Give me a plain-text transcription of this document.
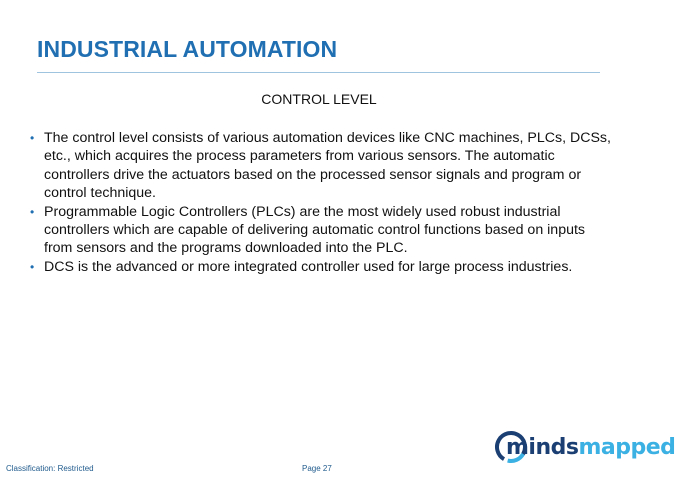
INDUSTRIAL AUTOMATION
CONTROL LEVEL
• The control level consists of various automation devices like CNC machines, PLCs, DCSs, etc., which acquires the process parameters from various sensors. The automatic controllers drive the actuators based on the processed sensor signals and program or control technique.
• Programmable Logic Controllers (PLCs) are the most widely used robust industrial controllers which are capable of delivering automatic control functions based on inputs from sensors and the programs downloaded into the PLC.
• DCS is the advanced or more integrated controller used for large process industries.
Classification: Restricted	Page 27
mindsmapped
